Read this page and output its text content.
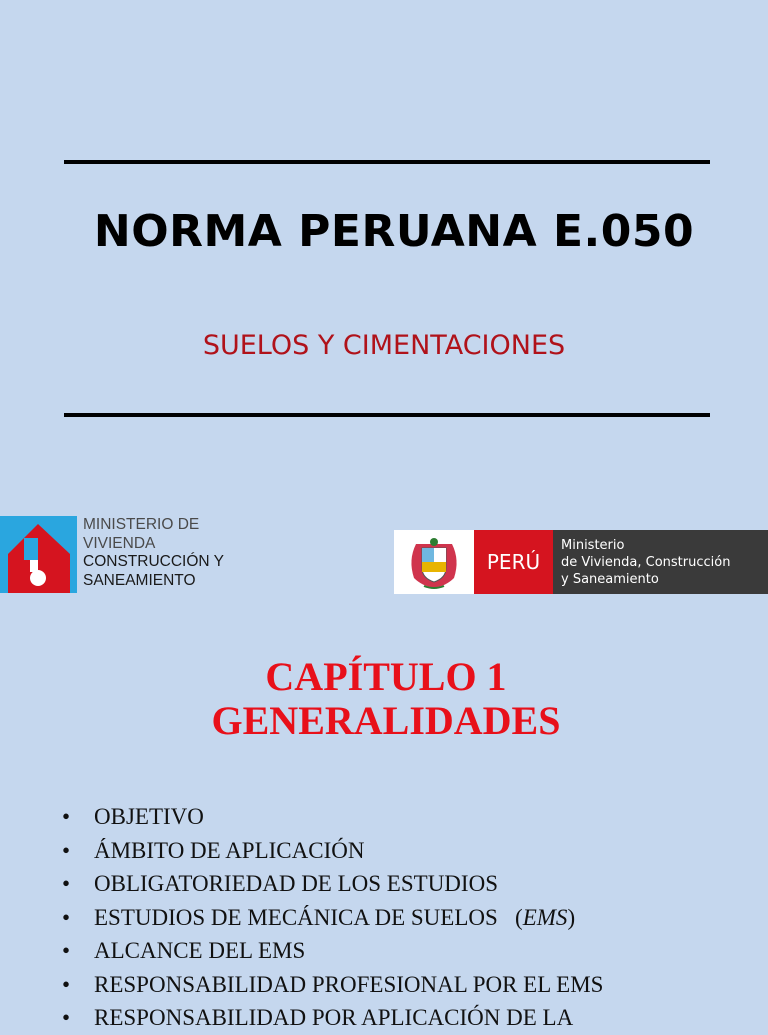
NORMA PERUANA E.050
SUELOS Y CIMENTACIONES
MINISTERIO DE
VIVIENDA
CONSTRUCCIÓN Y
SANEAMIENTO
PERÚ
Ministerio
de Vivienda, Construcción
y Saneamiento
CAPÍTULO 1
GENERALIDADES
• OBJETIVO
• ÁMBITO DE APLICACIÓN
• OBLIGATORIEDAD DE LOS ESTUDIOS
• ESTUDIOS DE MECÁNICA DE SUELOS   (EMS)
• ALCANCE DEL EMS
• RESPONSABILIDAD PROFESIONAL POR EL EMS
• RESPONSABILIDAD POR APLICACIÓN DE LA
